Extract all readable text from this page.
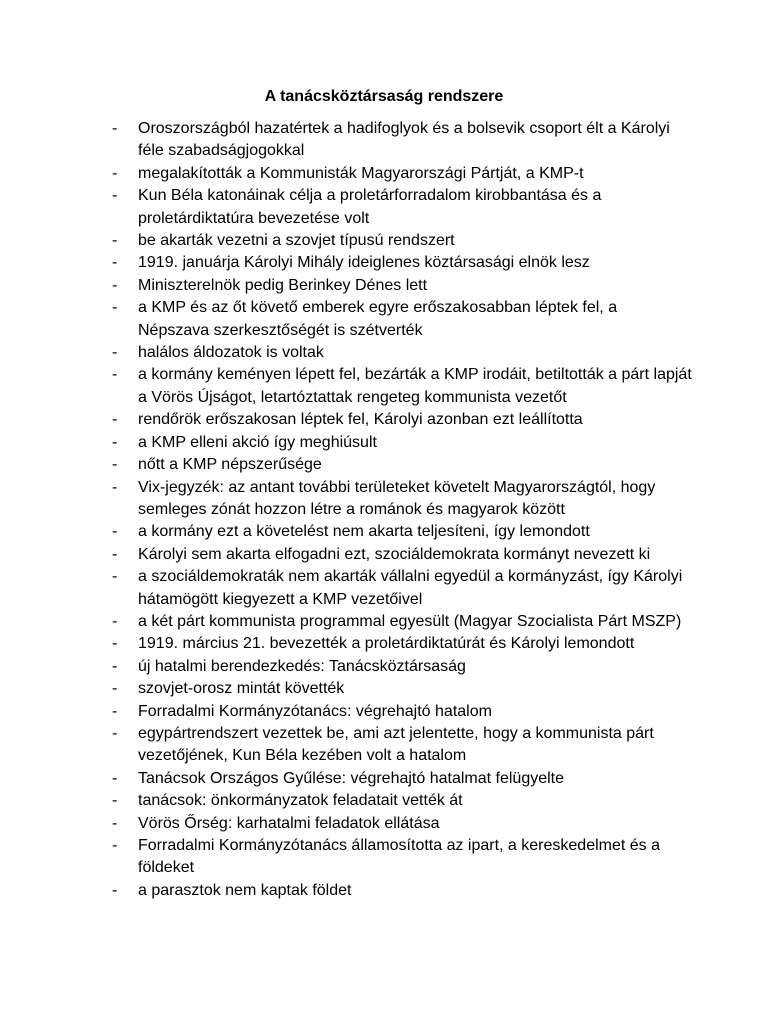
A tanácsköztársaság rendszere
- Oroszországból hazatértek a hadifoglyok és a bolsevik csoport élt a Károlyi féle szabadságjogokkal
- megalakították a Kommunisták Magyarországi Pártját, a KMP-t
- Kun Béla katonáinak célja a proletárforradalom kirobbantása és a proletárdiktatúra bevezetése volt
- be akarták vezetni a szovjet típusú rendszert
- 1919. januárja Károlyi Mihály ideiglenes köztársasági elnök lesz
- Miniszterelnök pedig Berinkey Dénes lett
- a KMP és az őt követő emberek egyre erőszakosabban léptek fel, a Népszava szerkesztőségét is szétverték
- halálos áldozatok is voltak
- a kormány keményen lépett fel, bezárták a KMP irodáit, betiltották a párt lapját a Vörös Újságot, letartóztattak rengeteg kommunista vezetőt
- rendőrök erőszakosan léptek fel, Károlyi azonban ezt leállította
- a KMP elleni akció így meghiúsult
- nőtt a KMP népszerűsége
- Vix-jegyzék: az antant további területeket követelt Magyarországtól, hogy semleges zónát hozzon létre a románok és magyarok között
- a kormány ezt a követelést nem akarta teljesíteni, így lemondott
- Károlyi sem akarta elfogadni ezt, szociáldemokrata kormányt nevezett ki
- a szociáldemokraták nem akarták vállalni egyedül a kormányzást, így Károlyi hátamögött kiegyezett a KMP vezetőivel
- a két párt kommunista programmal egyesült (Magyar Szocialista Párt MSZP)
- 1919. március 21. bevezették a proletárdiktatúrát és Károlyi lemondott
- új hatalmi berendezkedés: Tanácsköztársaság
- szovjet-orosz mintát követték
- Forradalmi Kormányzótanács: végrehajtó hatalom
- egypártrendszert vezettek be, ami azt jelentette, hogy a kommunista párt vezetőjének, Kun Béla kezében volt a hatalom
- Tanácsok Országos Gyűlése: végrehajtó hatalmat felügyelte
- tanácsok: önkormányzatok feladatait vették át
- Vörös Őrség: karhatalmi feladatok ellátása
- Forradalmi Kormányzótanács államosította az ipart, a kereskedelmet és a földeket
- a parasztok nem kaptak földet
